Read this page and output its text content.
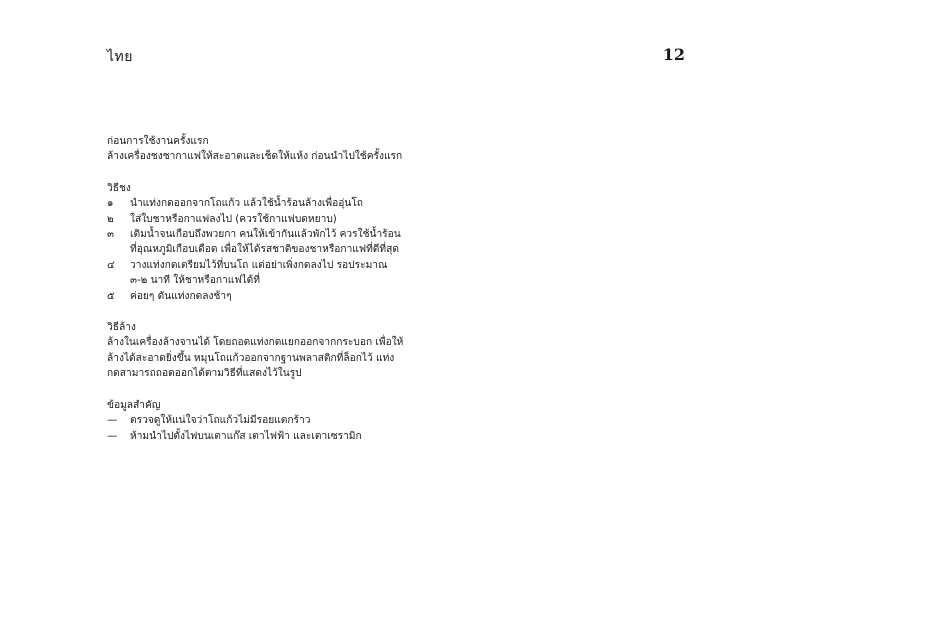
ไทย	12
ก่อนการใช้งานครั้งแรก
ล้างเครื่องชงชากาแฟให้สะอาดและเช็ดให้แห้ง ก่อนนำไปใช้ครั้งแรก
วิธีชง
๑	นำแท่งกดออกจากโถแก้ว แล้วใช้น้ำร้อนล้างเพื่ออุ่นโถ
๒	ใส่ใบชาหรือกาแฟลงไป (ควรใช้กาแฟบดหยาบ)
๓	เติมน้ำจนเกือบถึงพวยกา คนให้เข้ากันแล้วพักไว้ ควรใช้น้ำร้อนที่อุณหภูมิเกือบเดือด เพื่อให้ได้รสชาติของชาหรือกาแฟที่ดีที่สุด
๔	วางแท่งกดเตรียมไว้ที่บนโถ แต่อย่าเพิ่งกดลงไป รอประมาณ ๓-๒ นาที ให้ชาหรือกาแฟได้ที่
๕	ค่อยๆ ดันแท่งกดลงช้าๆ
วิธีล้าง
ล้างในเครื่องล้างจานได้ โดยถอดแท่งกดแยกออกจากกระบอก เพื่อให้ล้างได้สะอาดยิ่งขึ้น หมุนโถแก้วออกจากฐานพลาสติกที่ล็อกไว้ แท่งกดสามารถถอดออกได้ตามวิธีที่แสดงไว้ในรูป
ข้อมูลสำคัญ
—	ตรวจดูให้แน่ใจว่าโถแก้วไม่มีรอยแตกร้าว
—	ห้ามนำไปตั้งไฟบนเตาแก๊ส เตาไฟฟ้า และเตาเซรามิก
